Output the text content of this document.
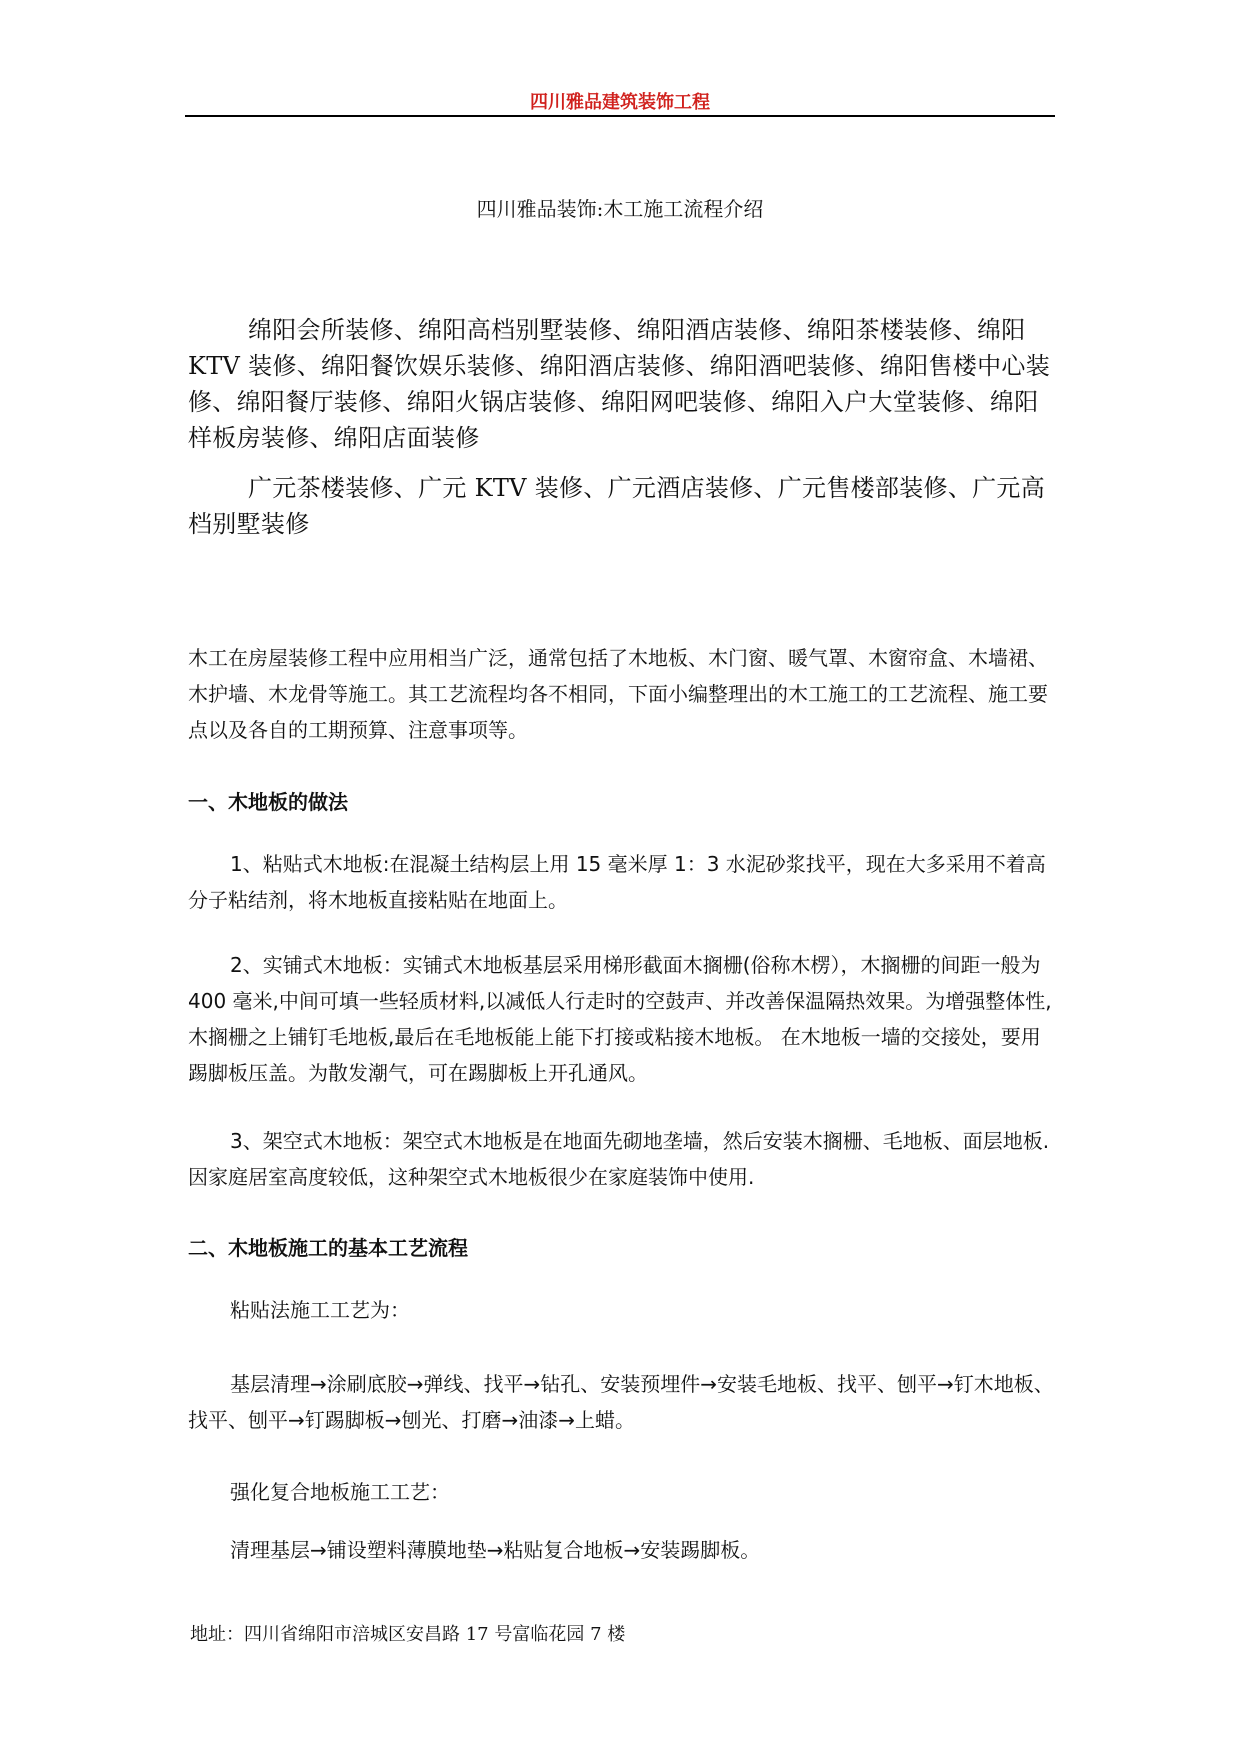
四川雅品建筑装饰工程
四川雅品装饰:木工施工流程介绍

绵阳会所装修、绵阳高档别墅装修、绵阳酒店装修、绵阳茶楼装修、绵阳 KTV 装修、绵阳餐饮娱乐装修、绵阳酒店装修、绵阳酒吧装修、绵阳售楼中心装修、绵阳餐厅装修、绵阳火锅店装修、绵阳网吧装修、绵阳入户大堂装修、绵阳样板房装修、绵阳店面装修

广元茶楼装修、广元 KTV 装修、广元酒店装修、广元售楼部装修、广元高档别墅装修

木工在房屋装修工程中应用相当广泛，通常包括了木地板、木门窗、暖气罩、木窗帘盒、木墙裙、木护墙、木龙骨等施工。其工艺流程均各不相同，下面小编整理出的木工施工的工艺流程、施工要点以及各自的工期预算、注意事项等。

一、木地板的做法

1、粘贴式木地板:在混凝土结构层上用 15 毫米厚 1：3 水泥砂浆找平，现在大多采用不着高分子粘结剂，将木地板直接粘贴在地面上。

2、实铺式木地板：实铺式木地板基层采用梯形截面木搁栅(俗称木楞），木搁栅的间距一般为 400 毫米,中间可填一些轻质材料,以减低人行走时的空鼓声、并改善保温隔热效果。为增强整体性,木搁栅之上铺钉毛地板,最后在毛地板能上能下打接或粘接木地板。 在木地板一墙的交接处，要用踢脚板压盖。为散发潮气，可在踢脚板上开孔通风。

3、架空式木地板：架空式木地板是在地面先砌地垄墙，然后安装木搁栅、毛地板、面层地板.因家庭居室高度较低，这种架空式木地板很少在家庭装饰中使用.

二、木地板施工的基本工艺流程

粘贴法施工工艺为：

基层清理→涂刷底胶→弹线、找平→钻孔、安装预埋件→安装毛地板、找平、刨平→钉木地板、找平、刨平→钉踢脚板→刨光、打磨→油漆→上蜡。

强化复合地板施工工艺：

清理基层→铺设塑料薄膜地垫→粘贴复合地板→安装踢脚板。

地址：四川省绵阳市涪城区安昌路 17 号富临花园 7 楼
